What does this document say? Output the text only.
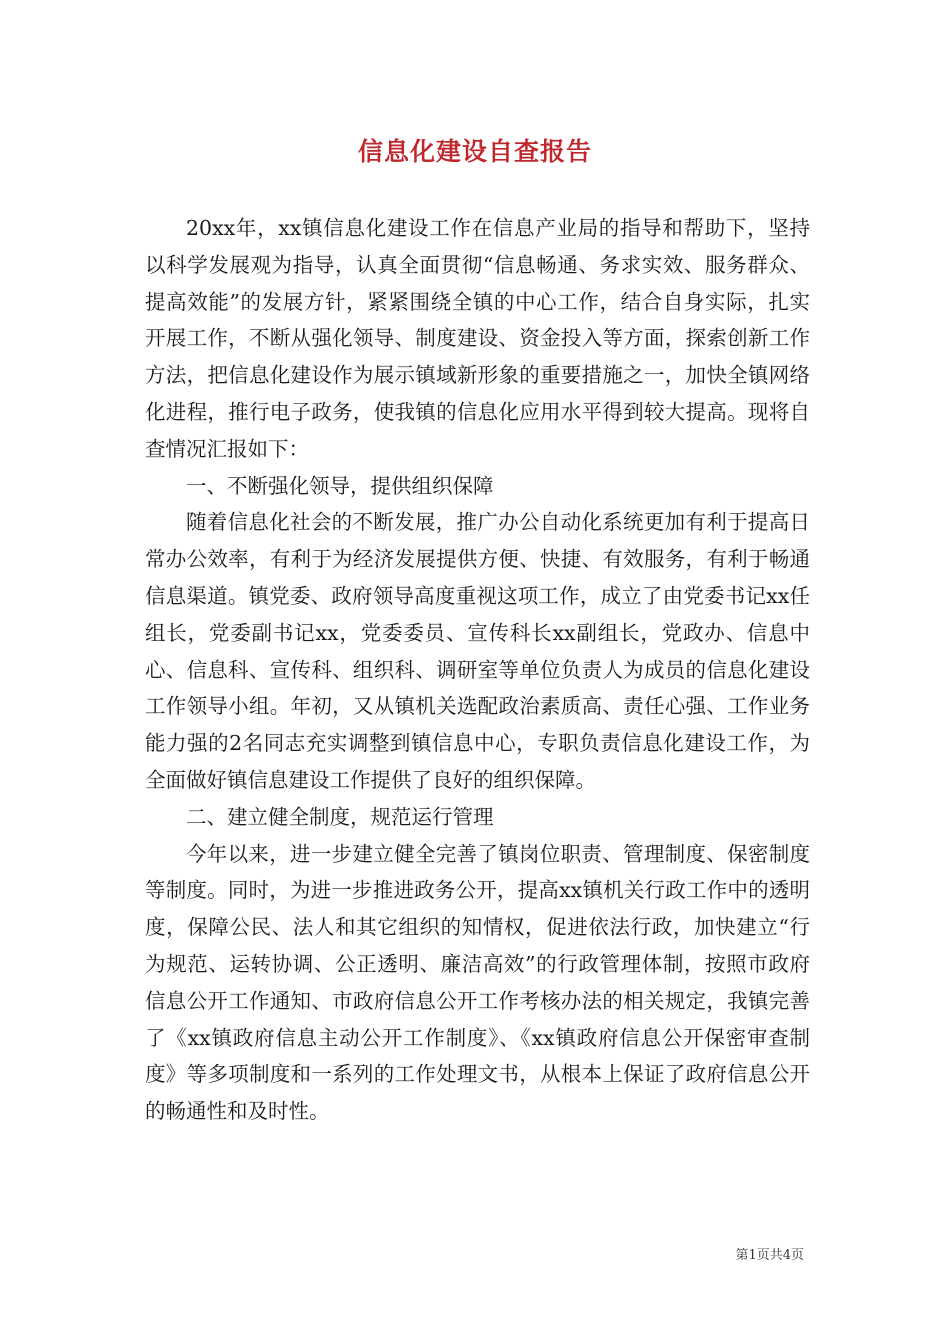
信息化建设自查报告

20xx年，xx镇信息化建设工作在信息产业局的指导和帮助下，坚持以科学发展观为指导，认真全面贯彻“信息畅通、务求实效、服务群众、提高效能”的发展方针，紧紧围绕全镇的中心工作，结合自身实际，扎实开展工作，不断从强化领导、制度建设、资金投入等方面，探索创新工作方法，把信息化建设作为展示镇域新形象的重要措施之一，加快全镇网络化进程，推行电子政务，使我镇的信息化应用水平得到较大提高。现将自查情况汇报如下：

一、不断强化领导，提供组织保障

随着信息化社会的不断发展，推广办公自动化系统更加有利于提高日常办公效率，有利于为经济发展提供方便、快捷、有效服务，有利于畅通信息渠道。镇党委、政府领导高度重视这项工作，成立了由党委书记xx任组长，党委副书记xx，党委委员、宣传科长xx副组长，党政办、信息中心、信息科、宣传科、组织科、调研室等单位负责人为成员的信息化建设工作领导小组。年初，又从镇机关选配政治素质高、责任心强、工作业务能力强的2名同志充实调整到镇信息中心，专职负责信息化建设工作，为全面做好镇信息建设工作提供了良好的组织保障。

二、建立健全制度，规范运行管理

今年以来，进一步建立健全完善了镇岗位职责、管理制度、保密制度等制度。同时，为进一步推进政务公开，提高xx镇机关行政工作中的透明度，保障公民、法人和其它组织的知情权，促进依法行政，加快建立“行为规范、运转协调、公正透明、廉洁高效”的行政管理体制，按照市政府信息公开工作通知、市政府信息公开工作考核办法的相关规定，我镇完善了《xx镇政府信息主动公开工作制度》、《xx镇政府信息公开保密审查制度》等多项制度和一系列的工作处理文书，从根本上保证了政府信息公开的畅通性和及时性。

第1页共4页
